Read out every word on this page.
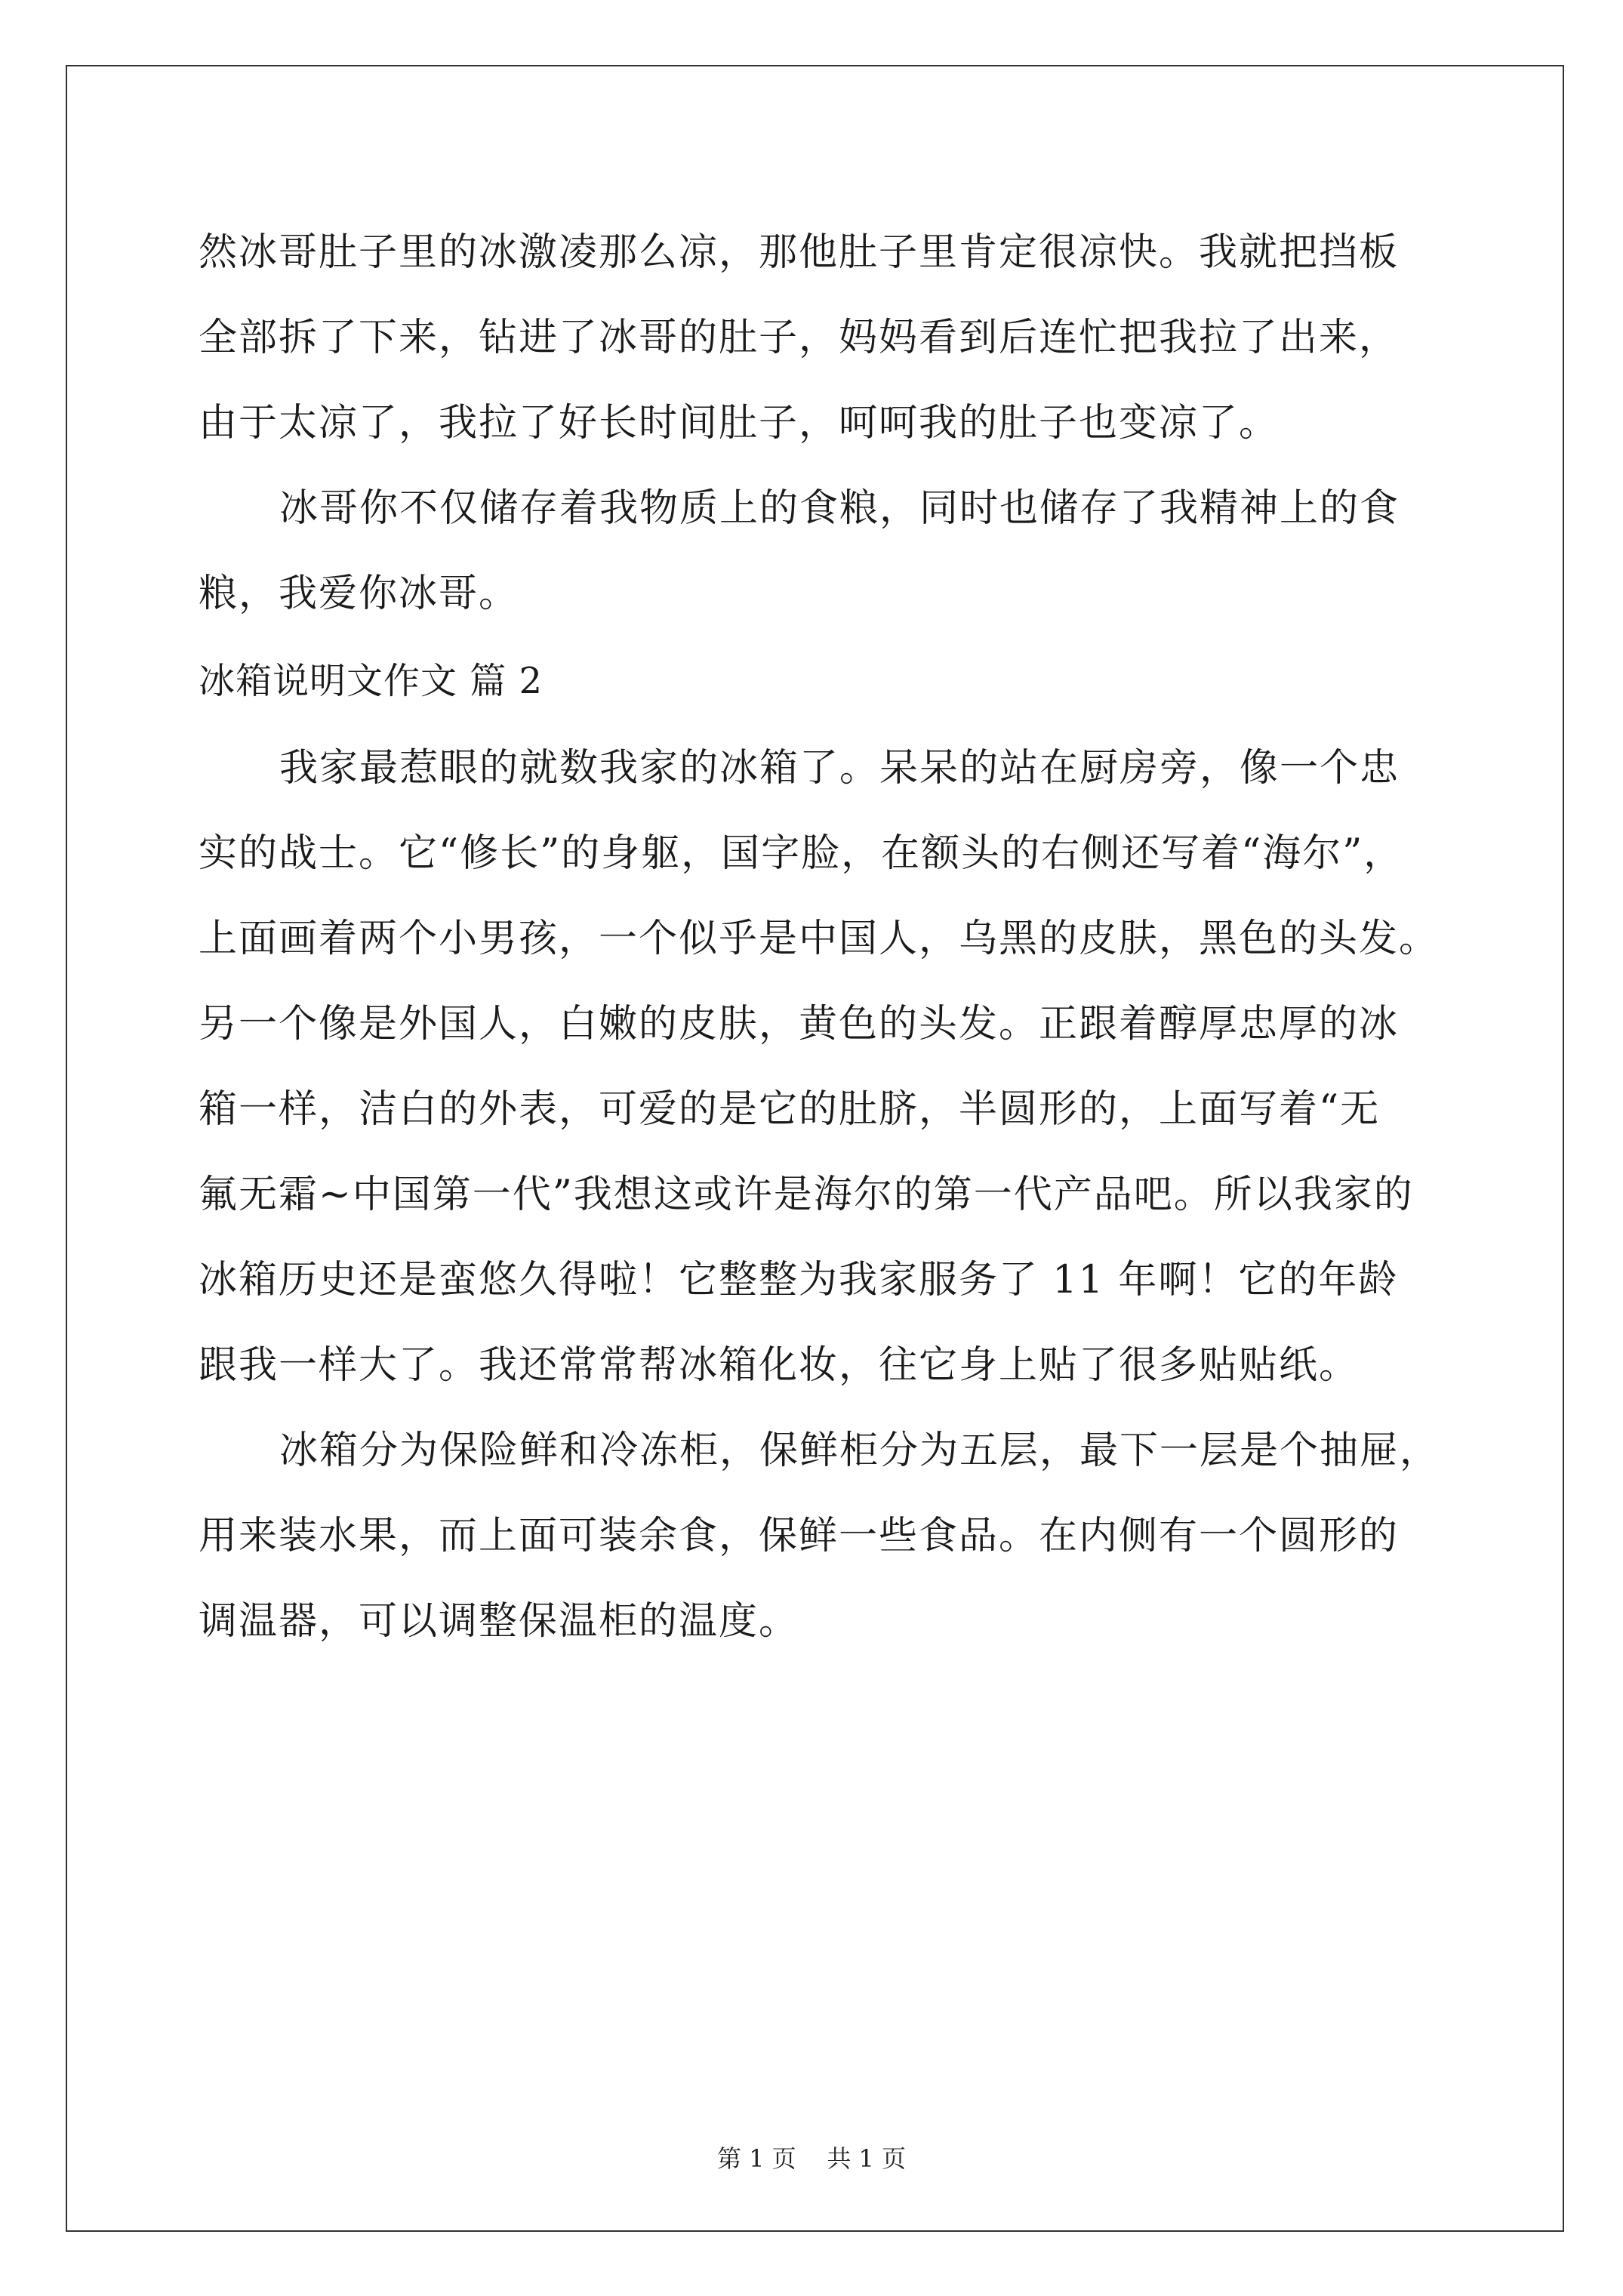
然冰哥肚子里的冰激凌那么凉，那他肚子里肯定很凉快。我就把挡板
全部拆了下来，钻进了冰哥的肚子，妈妈看到后连忙把我拉了出来，
由于太凉了，我拉了好长时间肚子，呵呵我的肚子也变凉了。
冰哥你不仅储存着我物质上的食粮，同时也储存了我精神上的食
粮，我爱你冰哥。
冰箱说明文作文 篇 2
我家最惹眼的就数我家的冰箱了。呆呆的站在厨房旁，像一个忠
实的战士。它“修长”的身躯，国字脸，在额头的右侧还写着“海尔”，
上面画着两个小男孩，一个似乎是中国人，乌黑的皮肤，黑色的头发。
另一个像是外国人，白嫩的皮肤，黄色的头发。正跟着醇厚忠厚的冰
箱一样，洁白的外表，可爱的是它的肚脐，半圆形的，上面写着“无
氟无霜~中国第一代”我想这或许是海尔的第一代产品吧。所以我家的
冰箱历史还是蛮悠久得啦！它整整为我家服务了 11 年啊！它的年龄
跟我一样大了。我还常常帮冰箱化妆，往它身上贴了很多贴贴纸。
冰箱分为保险鲜和冷冻柜，保鲜柜分为五层，最下一层是个抽屉，
用来装水果，而上面可装余食，保鲜一些食品。在内侧有一个圆形的
调温器，可以调整保温柜的温度。
第 1 页 共 1 页
